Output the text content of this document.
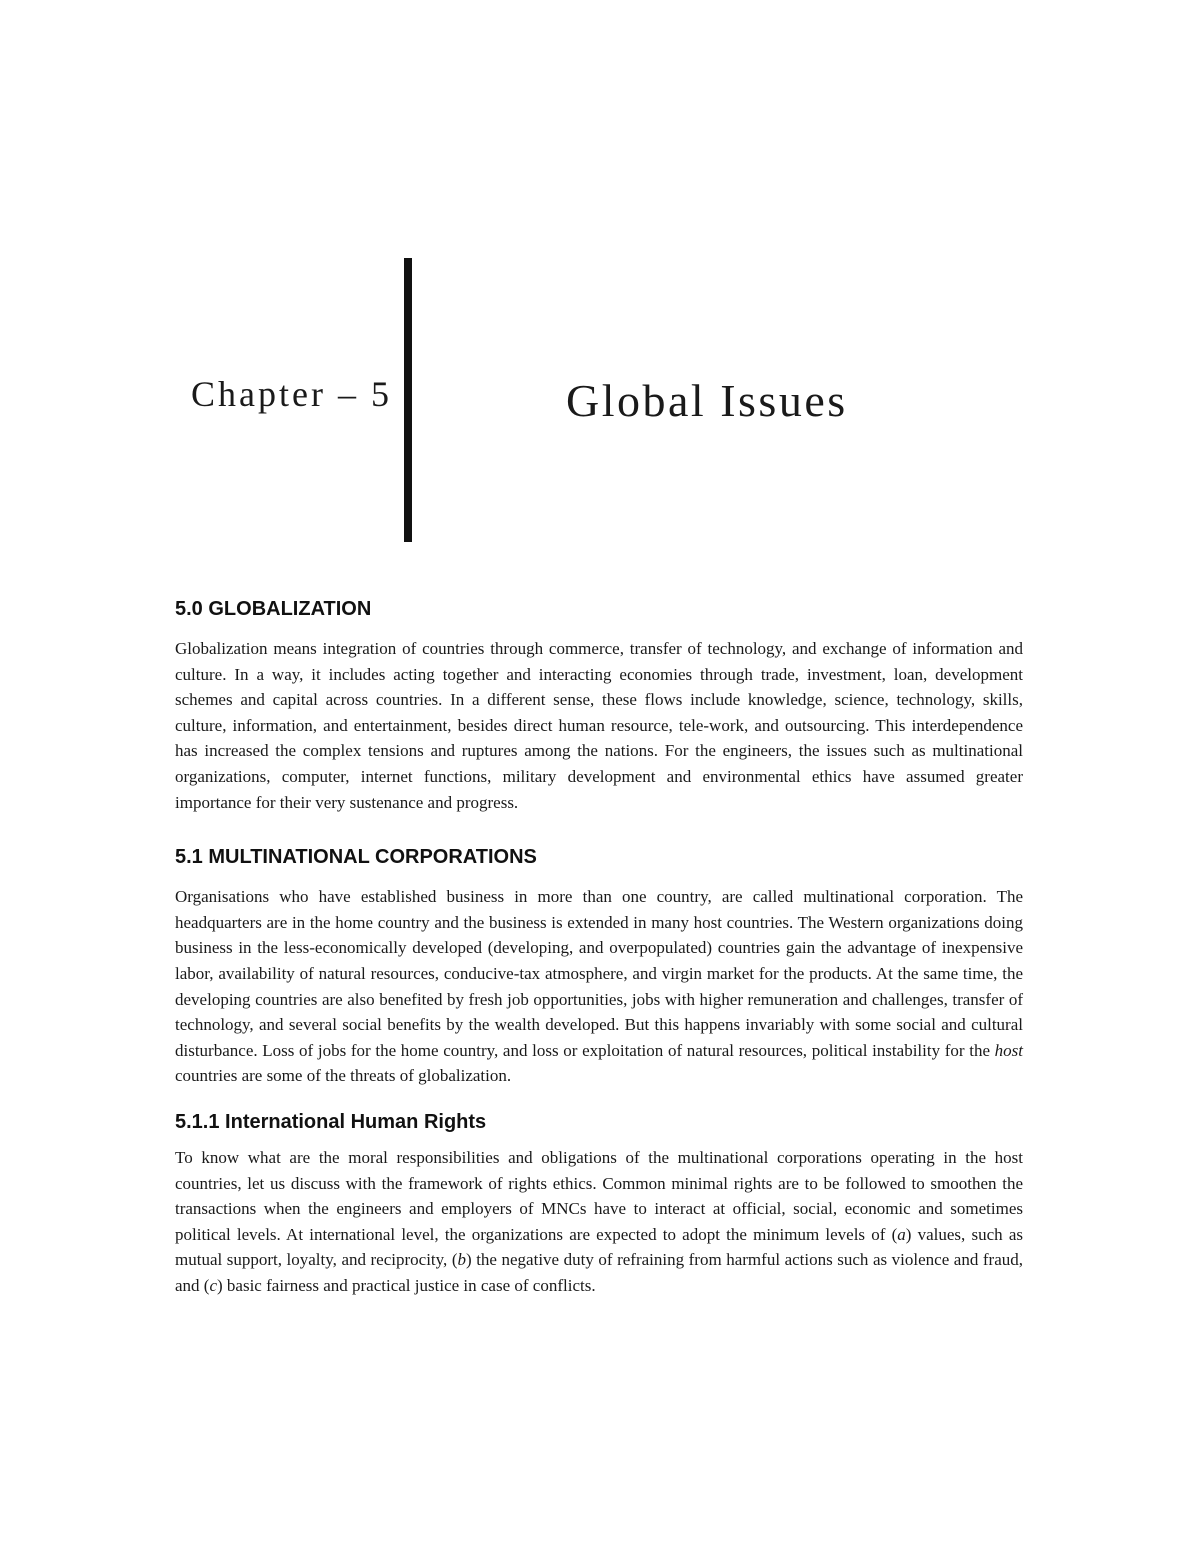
Chapter – 5	Global Issues
5.0 GLOBALIZATION

Globalization means integration of countries through commerce, transfer of technology, and exchange of information and culture. In a way, it includes acting together and interacting economies through trade, investment, loan, development schemes and capital across countries. In a different sense, these flows include knowledge, science, technology, skills, culture, information, and entertainment, besides direct human resource, tele-work, and outsourcing. This interdependence has increased the complex tensions and ruptures among the nations. For the engineers, the issues such as multinational organizations, computer, internet functions, military development and environmental ethics have assumed greater importance for their very sustenance and progress.

5.1 MULTINATIONAL CORPORATIONS

Organisations who have established business in more than one country, are called multinational corporation. The headquarters are in the home country and the business is extended in many host countries. The Western organizations doing business in the less-economically developed (developing, and overpopulated) countries gain the advantage of inexpensive labor, availability of natural resources, conducive-tax atmosphere, and virgin market for the products. At the same time, the developing countries are also benefited by fresh job opportunities, jobs with higher remuneration and challenges, transfer of technology, and several social benefits by the wealth developed. But this happens invariably with some social and cultural disturbance. Loss of jobs for the home country, and loss or exploitation of natural resources, political instability for the host countries are some of the threats of globalization.

5.1.1 International Human Rights

To know what are the moral responsibilities and obligations of the multinational corporations operating in the host countries, let us discuss with the framework of rights ethics. Common minimal rights are to be followed to smoothen the transactions when the engineers and employers of MNCs have to interact at official, social, economic and sometimes political levels. At international level, the organizations are expected to adopt the minimum levels of (a) values, such as mutual support, loyalty, and reciprocity, (b) the negative duty of refraining from harmful actions such as violence and fraud, and (c) basic fairness and practical justice in case of conflicts.
